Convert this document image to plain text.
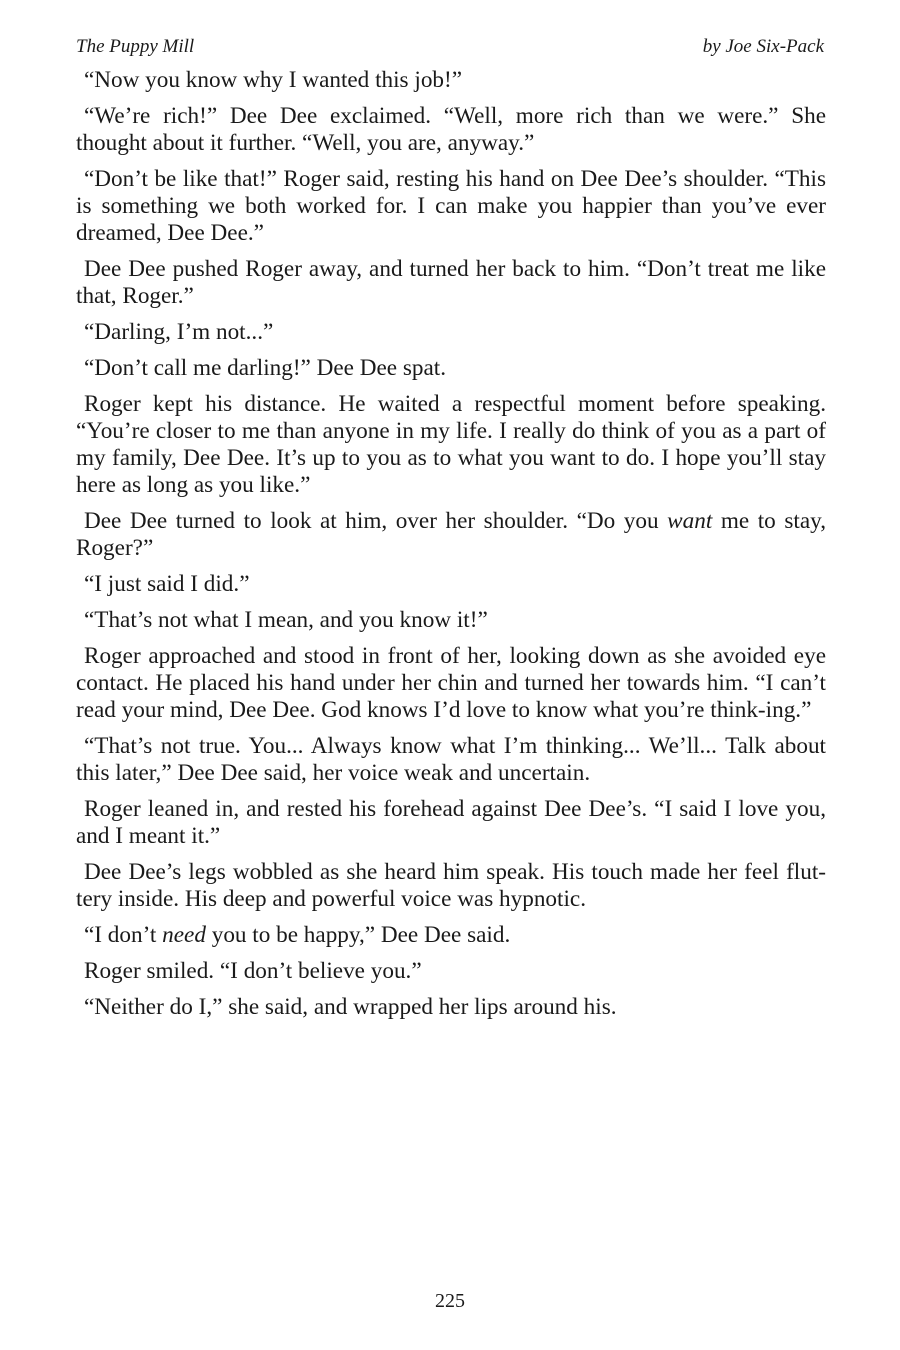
The Puppy Mill	by Joe Six-Pack

“Now you know why I wanted this job!”

“We’re rich!” Dee Dee exclaimed. “Well, more rich than we were.” She thought about it further. “Well, you are, anyway.”

“Don’t be like that!” Roger said, resting his hand on Dee Dee’s shoulder. “This is something we both worked for. I can make you happier than you’ve ever dreamed, Dee Dee.”

Dee Dee pushed Roger away, and turned her back to him. “Don’t treat me like that, Roger.”

“Darling, I’m not...”

“Don’t call me darling!” Dee Dee spat.

Roger kept his distance. He waited a respectful moment before speaking. “You’re closer to me than anyone in my life. I really do think of you as a part of my family, Dee Dee. It’s up to you as to what you want to do. I hope you’ll stay here as long as you like.”

Dee Dee turned to look at him, over her shoulder. “Do you want me to stay, Roger?”

“I just said I did.”

“That’s not what I mean, and you know it!”

Roger approached and stood in front of her, looking down as she avoided eye contact. He placed his hand under her chin and turned her towards him. “I can’t read your mind, Dee Dee. God knows I’d love to know what you’re think-ing.”

“That’s not true. You... Always know what I’m thinking... We’ll... Talk about this later,” Dee Dee said, her voice weak and uncertain.

Roger leaned in, and rested his forehead against Dee Dee’s. “I said I love you, and I meant it.”

Dee Dee’s legs wobbled as she heard him speak. His touch made her feel flut-tery inside. His deep and powerful voice was hypnotic.

“I don’t need you to be happy,” Dee Dee said.

Roger smiled. “I don’t believe you.”

“Neither do I,” she said, and wrapped her lips around his.

225
